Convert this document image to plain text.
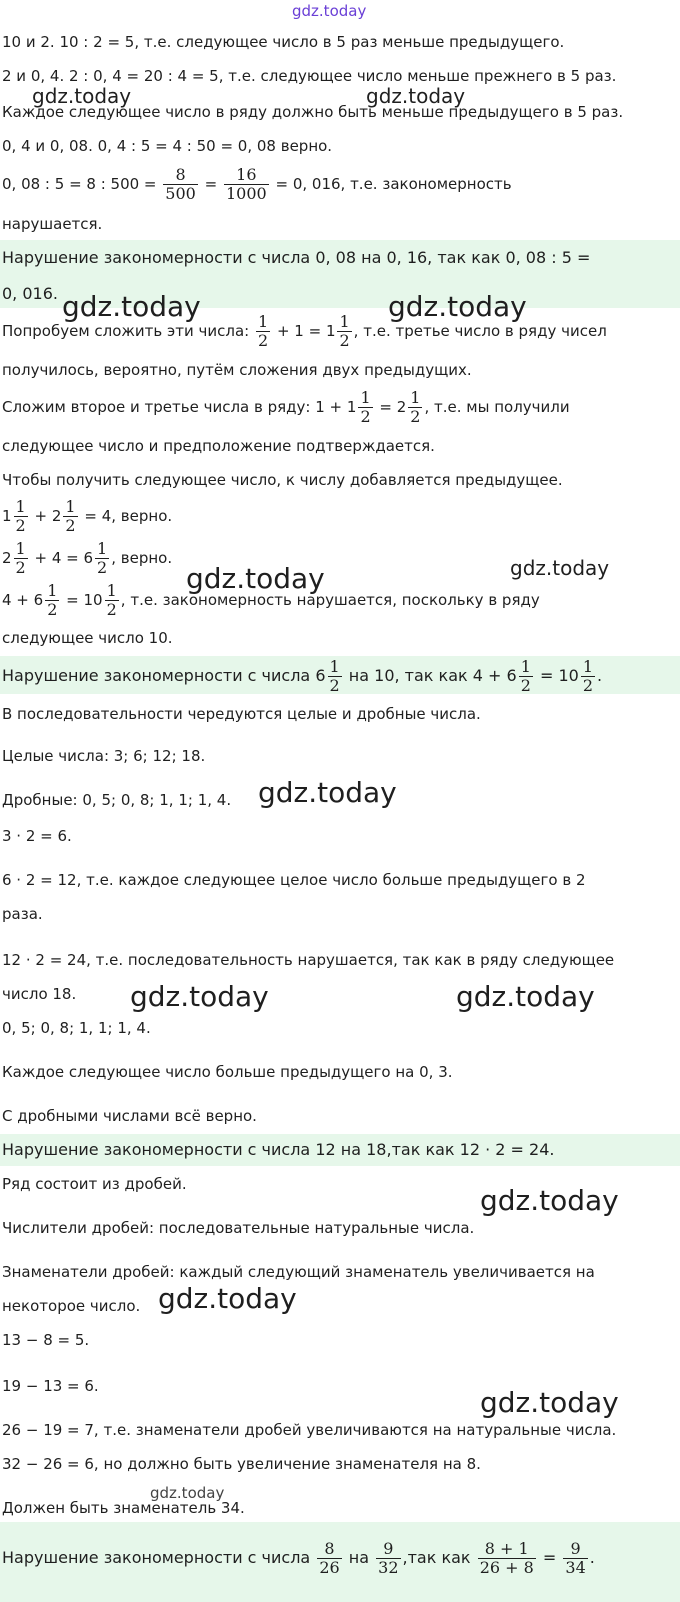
gdz.today
gdz.today	gdz.today
gdz.today	gdz.today
gdz.today	gdz.today
gdz.today
gdz.today	gdz.today
gdz.today
gdz.today
gdz.today
gdz.today
10 и 2. 10 : 2 = 5, т.е. следующее число в 5 раз меньше предыдущего.
2 и 0, 4. 2 : 0, 4 = 20 : 4 = 5, т.е. следующее число меньше прежнего в 5 раз.
Каждое следующее число в ряду должно быть меньше предыдущего в 5 раз.
0, 4 и 0, 08. 0, 4 : 5 = 4 : 50 = 0, 08 верно.
0, 08 : 5 = 8 : $500 = \frac{8}{500} = \frac{16}{1000} = 0$, 016, т.е. закономерность
нарушается.
Нарушение закономерности с числа 0, 08 на 0, 16, так как 0, 08 : 5 =
0, 016.
Попробуем сложить эти числа: $\frac{1}{2} + 1 = 1 \frac{1}{2}$ , т.е. третье число в ряду чисел
получилось, вероятно, путём сложения двух предыдущих.
Сложим второе и третье числа в ряду: $1 + 1 \frac{1}{2} = 2 \frac{1}{2}$ , т.е. мы получили
следующее число и предположение подтверждается.
Чтобы получить следующее число, к числу добавляется предыдущее.
$1 \frac{1}{2} + 2 \frac{1}{2} = 4$, верно.
$2 \frac{1}{2} + 4 = 6 \frac{1}{2}$ , верно.
$4 + 6 \frac{1}{2} = 10 \frac{1}{2}$ , т.е. закономерность нарушается, поскольку в ряду
следующее число 10.
Нарушение закономерности с числа $6 \frac{1}{2}$ на 10, так как $4 + 6 \frac{1}{2} = 10 \frac{1}{2}$ .
В последовательности чередуются целые и дробные числа.
Целые числа: 3; 6; 12; 18.
Дробные: 0, 5; 0, 8; 1, 1; 1, 4.
3 · 2 = 6.
6 · 2 = 12, т.е. каждое следующее целое число больше предыдущего в 2
раза.
12 · 2 = 24, т.е. последовательность нарушается, так как в ряду следующее
число 18.
0, 5; 0, 8; 1, 1; 1, 4.
Каждое следующее число больше предыдущего на 0, 3.
С дробными числами всё верно.
Нарушение закономерности с числа 12 на 18,так как 12 · 2 = 24.
Ряд состоит из дробей.
Числители дробей: последовательные натуральные числа.
Знаменатели дробей: каждый следующий знаменатель увеличивается на
некоторое число.
13 − 8 = 5.
19 − 13 = 6.
26 − 19 = 7, т.е. знаменатели дробей увеличиваются на натуральные числа.
32 − 26 = 6, но должно быть увеличение знаменателя на 8.
Должен быть знаменатель 34.
Нарушение закономерности с числа $\frac{8}{26}$ на $\frac{9}{32} ,так$ как $\frac{8 + 1}{26 + 8} = \frac{9}{34}$ .
